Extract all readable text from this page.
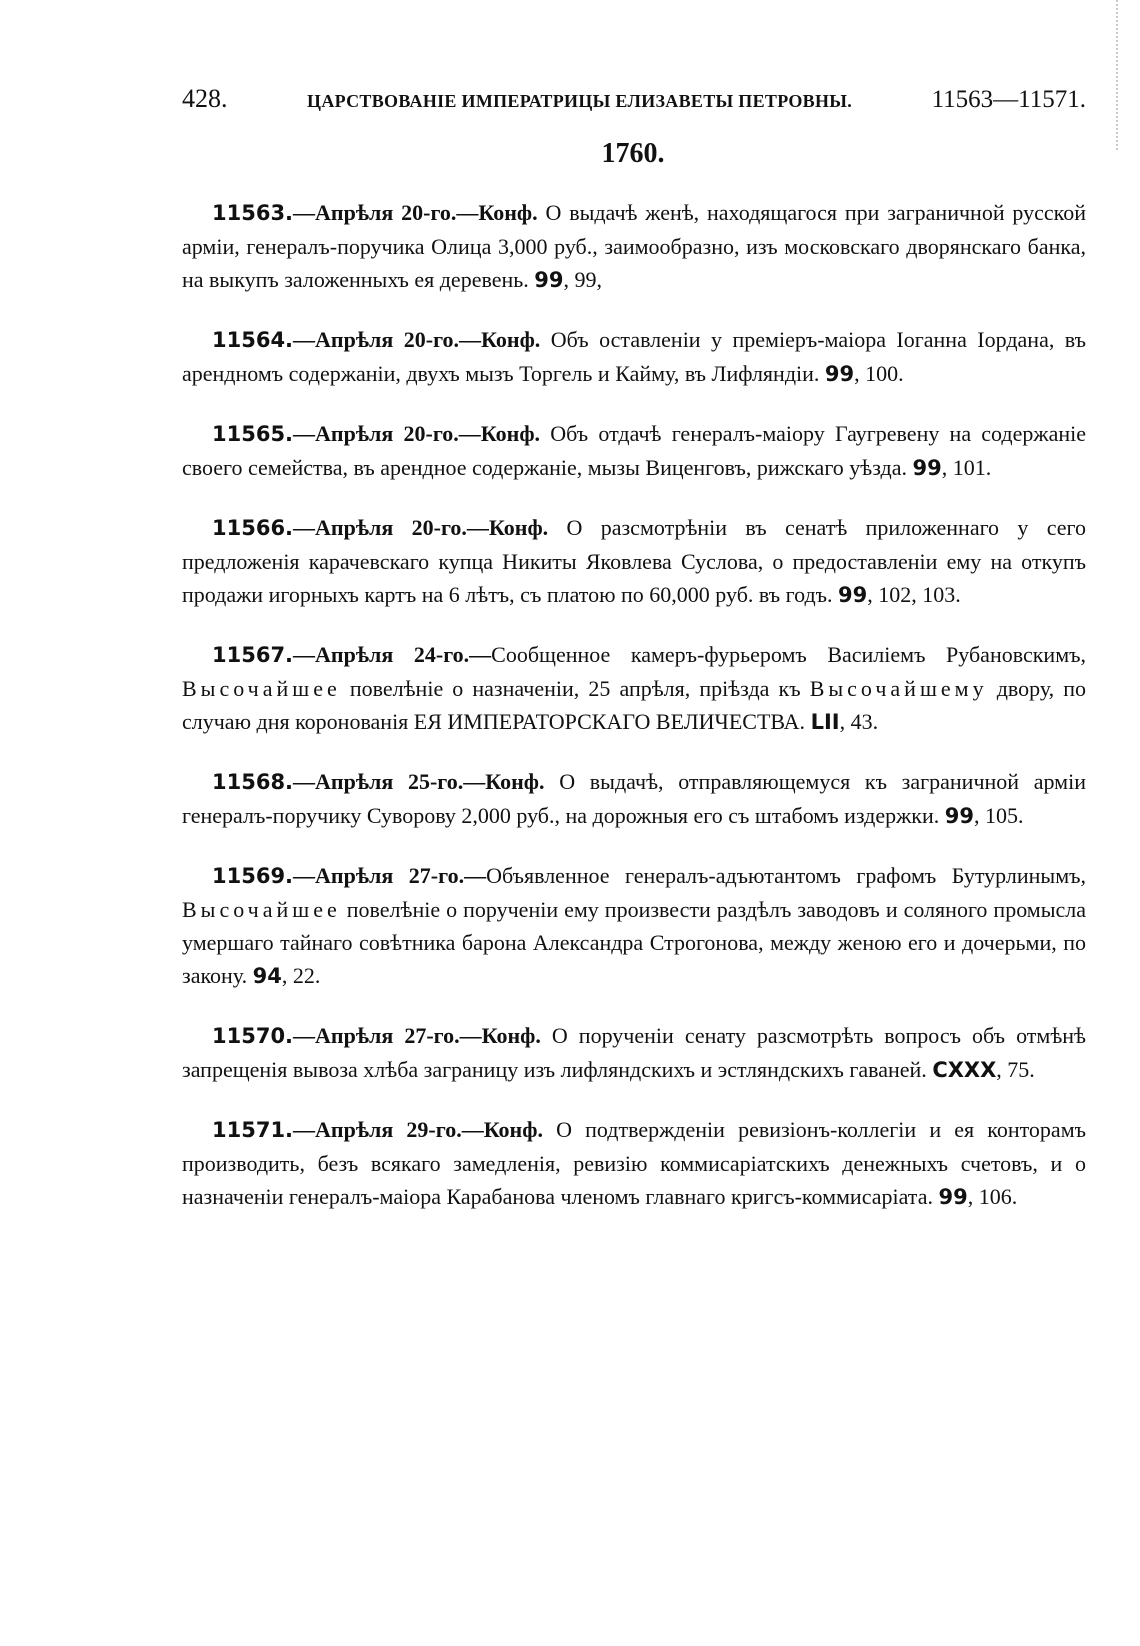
428.	ЦАРСТВОВАНІЕ ИМПЕРАТРИЦЫ ЕЛИЗАВЕТЫ ПЕТРОВНЫ.	11563—11571.
1760.

11563.—Апрѣля 20-го.—Конф. О выдачѣ женѣ, находящагося при заграничной русской арміи, генералъ-поручика Олица 3,000 руб., заимообразно, изъ московскаго дворянскаго банка, на выкупъ заложенныхъ ея деревень. 99, 99,

11564.—Апрѣля 20-го.—Конф. Объ оставленіи у преміеръ-маіора Іоганна Іордана, въ арендномъ содержаніи, двухъ мызъ Торгель и Кайму, въ Лифляндіи. 99, 100.

11565.—Апрѣля 20-го.—Конф. Объ отдачѣ генералъ-маіору Гаугревену на содержаніе своего семейства, въ арендное содержаніе, мызы Виценговъ, рижскаго уѣзда. 99, 101.

11566.—Апрѣля 20-го.—Конф. О разсмотрѣніи въ сенатѣ приложеннаго у сего предложенія карачевскаго купца Никиты Яковлева Суслова, о предоставленіи ему на откупъ продажи игорныхъ картъ на 6 лѣтъ, съ платою по 60,000 руб. въ годъ. 99, 102, 103.

11567.—Апрѣля 24-го.—Сообщенное камеръ-фурьеромъ Василіемъ Рубановскимъ, Высочайшее повелѣніе о назначеніи, 25 апрѣля, пріѣзда къ Высочайшему двору, по случаю дня коронованія ЕЯ ИМПЕРАТОРСКАГО ВЕЛИЧЕСТВА. LII, 43.

11568.—Апрѣля 25-го.—Конф. О выдачѣ, отправляющемуся къ заграничной арміи генералъ-поручику Суворову 2,000 руб., на дорожныя его съ штабомъ издержки. 99, 105.

11569.—Апрѣля 27-го.—Объявленное генералъ-адъютантомъ графомъ Бутурлинымъ, Высочайшее повелѣніе о порученіи ему произвести раздѣлъ заводовъ и соляного промысла умершаго тайнаго совѣтника барона Александра Строгонова, между женою его и дочерьми, по закону. 94, 22.

11570.—Апрѣля 27-го.—Конф. О порученіи сенату разсмотрѣть вопросъ объ отмѣнѣ запрещенія вывоза хлѣба заграницу изъ лифляндскихъ и эстляндскихъ гаваней. CXXX, 75.

11571.—Апрѣля 29-го.—Конф. О подтвержденіи ревизіонъ-коллегіи и ея конторамъ производить, безъ всякаго замедленія, ревизію коммисаріатскихъ денежныхъ счетовъ, и о назначеніи генералъ-маіора Карабанова членомъ главнаго кригсъ-коммисаріата. 99, 106.
